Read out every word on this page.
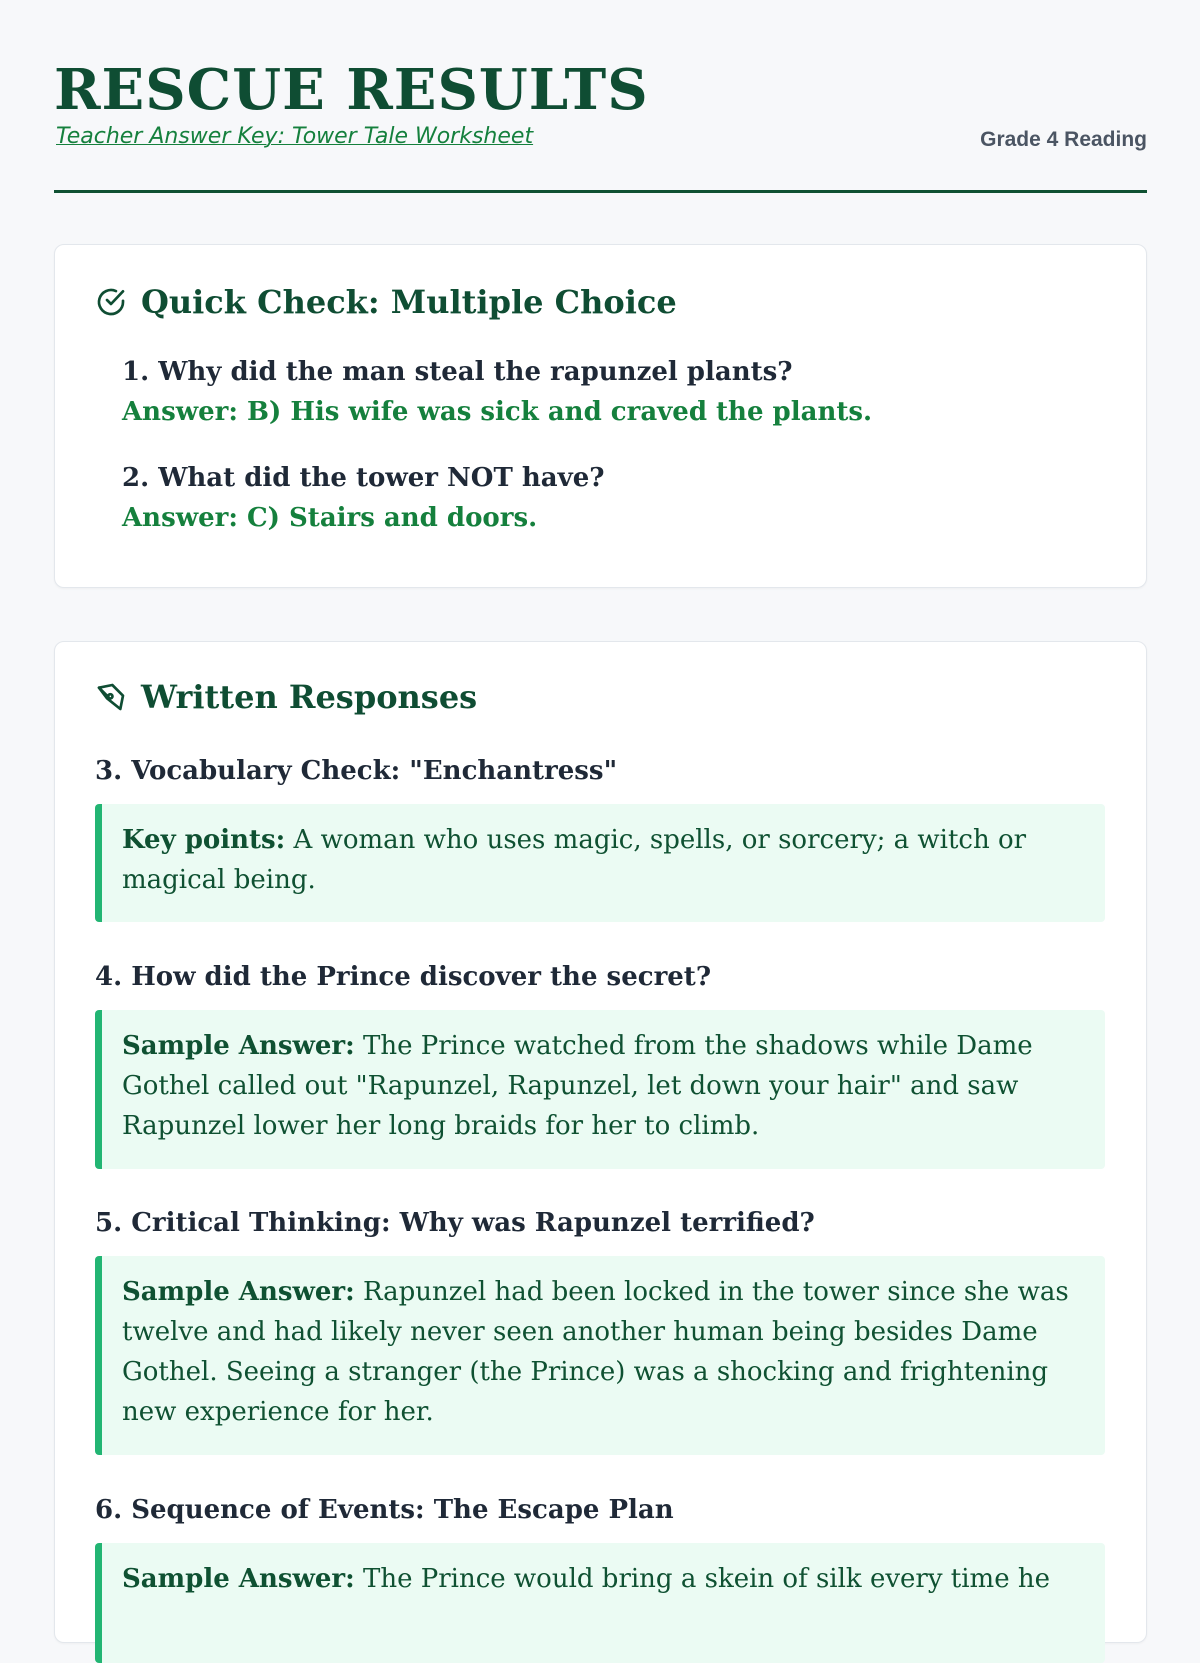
RESCUE RESULTS
Teacher Answer Key: Tower Tale Worksheet	Grade 4 Reading
Quick Check: Multiple Choice
1. Why did the man steal the rapunzel plants?
Answer: B) His wife was sick and craved the plants.
2. What did the tower NOT have?
Answer: C) Stairs and doors.
Written Responses
3. Vocabulary Check: "Enchantress"
Key points: A woman who uses magic, spells, or sorcery; a witch or magical being.
4. How did the Prince discover the secret?
Sample Answer: The Prince watched from the shadows while Dame Gothel called out "Rapunzel, Rapunzel, let down your hair" and saw Rapunzel lower her long braids for her to climb.
5. Critical Thinking: Why was Rapunzel terrified?
Sample Answer: Rapunzel had been locked in the tower since she was twelve and had likely never seen another human being besides Dame Gothel. Seeing a stranger (the Prince) was a shocking and frightening new experience for her.
6. Sequence of Events: The Escape Plan
Sample Answer: The Prince would bring a skein of silk every time he
